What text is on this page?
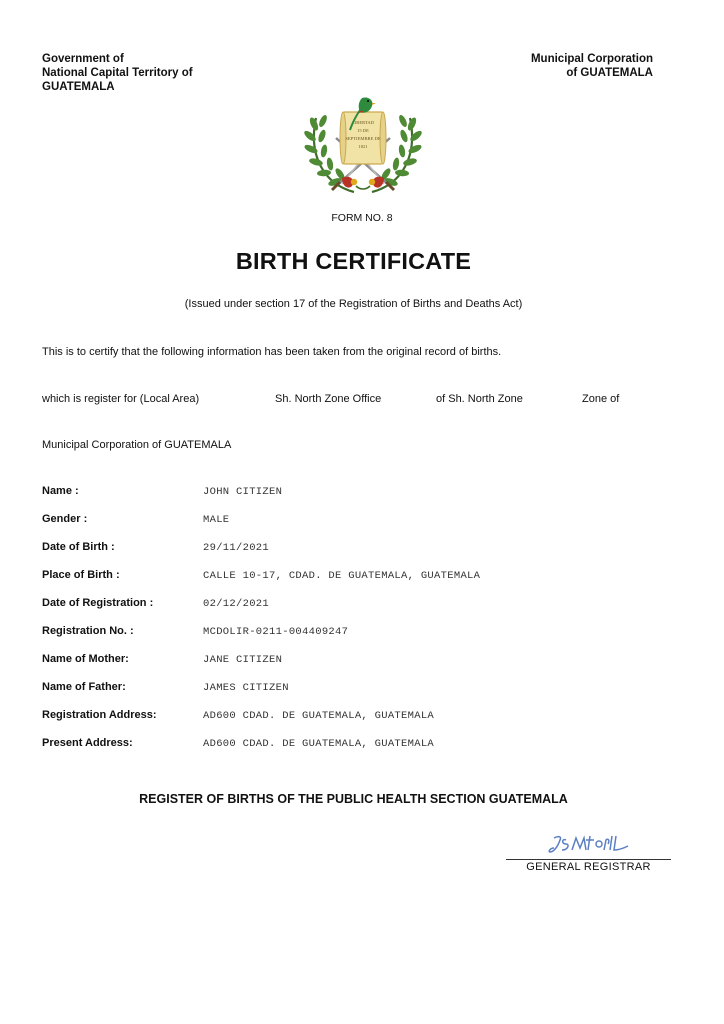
Government of
National Capital Territory of
GUATEMALA
Municipal Corporation
of GUATEMALA
LIBERTAD
15 DE
SEPTIEMBRE DE
1821
FORM NO. 8
BIRTH CERTIFICATE
(Issued under section 17 of the Registration of Births and Deaths Act)
This is to certify that the following information has been taken from the original record of births.
which is register for (Local Area)	Sh. North Zone Office	of Sh. North Zone	Zone of
Municipal Corporation of GUATEMALA
Name :	JOHN CITIZEN
Gender :	MALE
Date of Birth :	29/11/2021
Place of Birth :	CALLE 10-17, CDAD. DE GUATEMALA, GUATEMALA
Date of Registration :	02/12/2021
Registration No. :	MCDOLIR-0211-004409247
Name of Mother:	JANE CITIZEN
Name of Father:	JAMES CITIZEN
Registration Address:	AD600 CDAD. DE GUATEMALA, GUATEMALA
Present Address:	AD600 CDAD. DE GUATEMALA, GUATEMALA
REGISTER OF BIRTHS OF THE PUBLIC HEALTH SECTION GUATEMALA
GENERAL REGISTRAR
